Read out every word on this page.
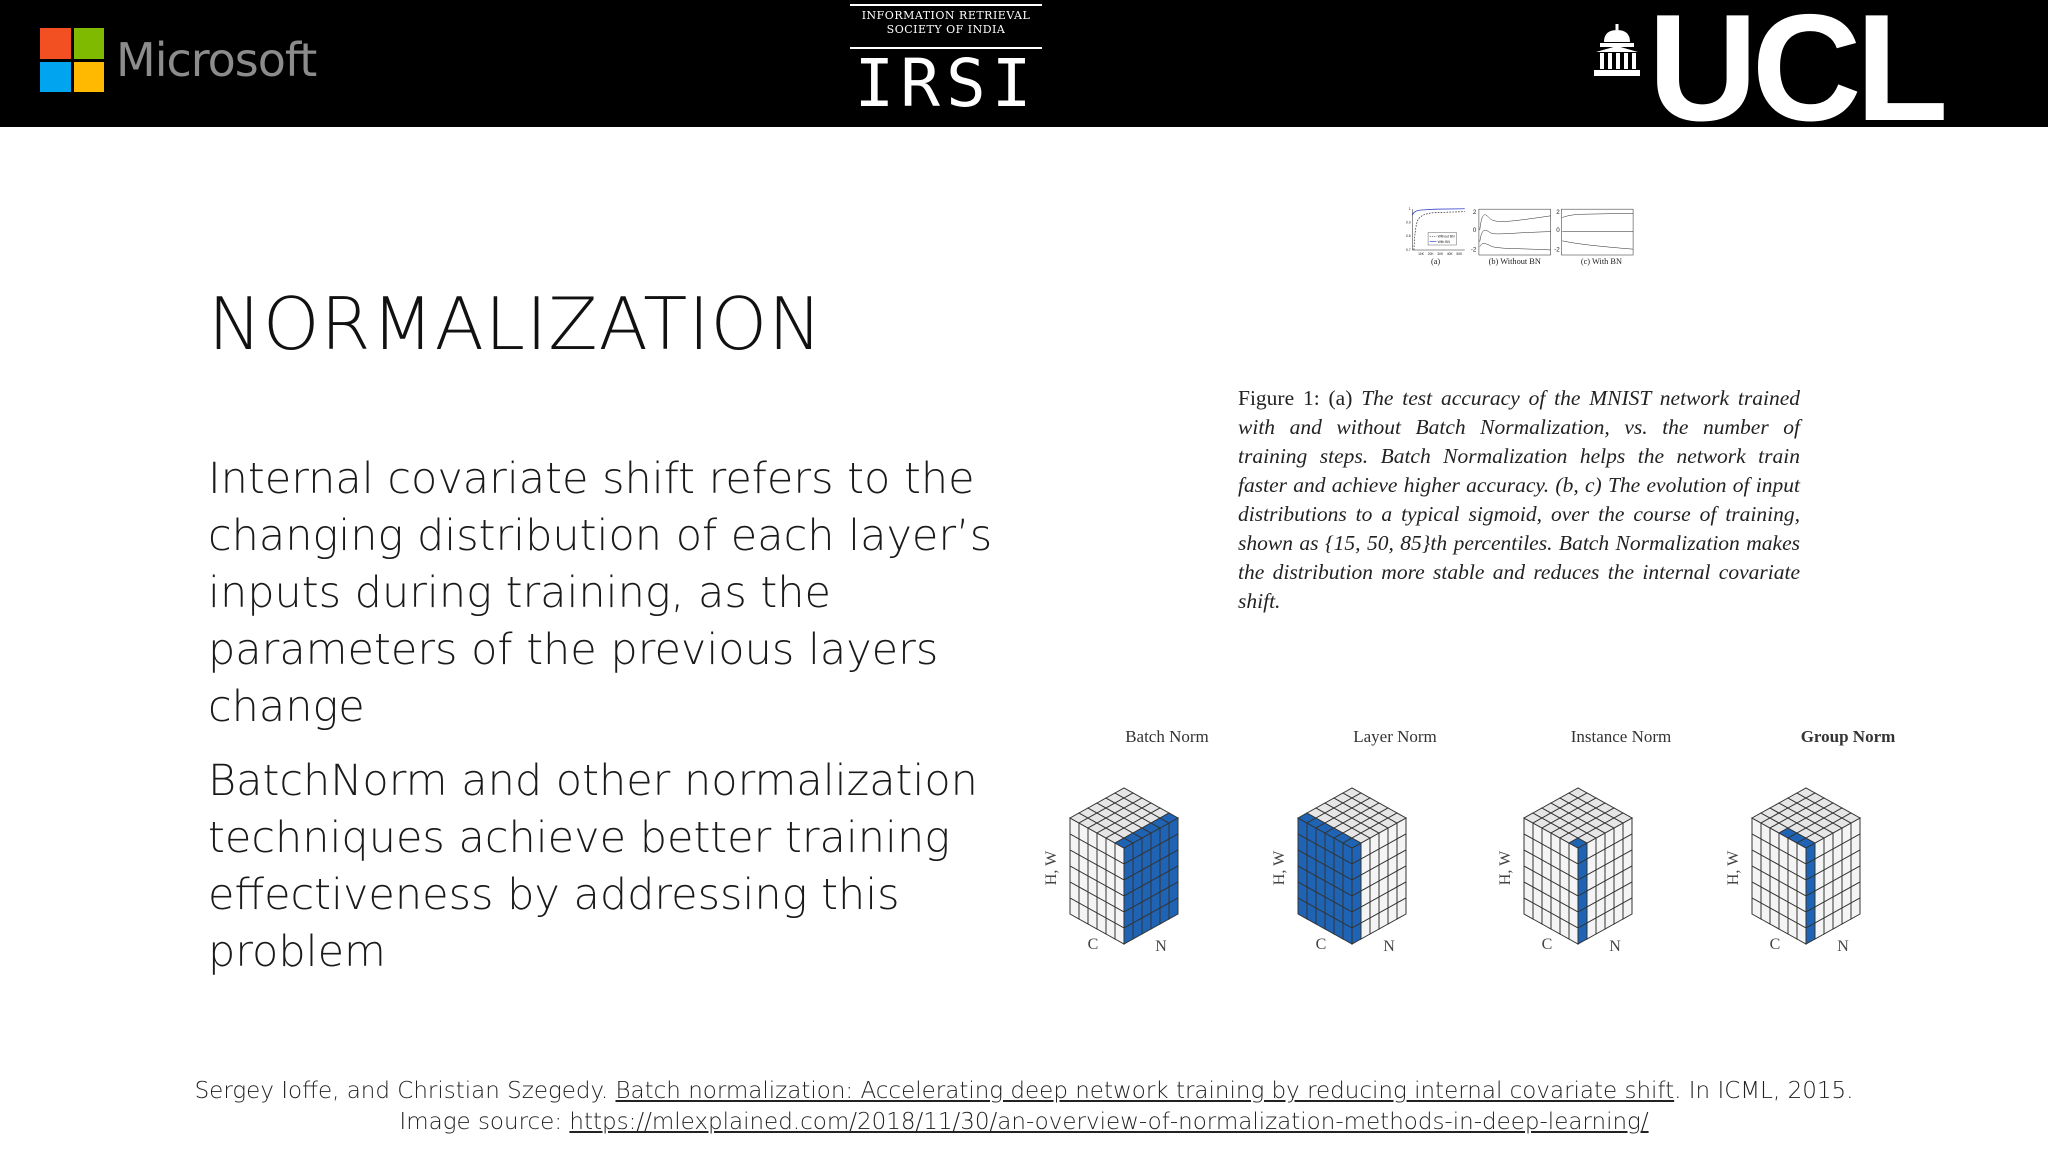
Microsoft
INFORMATION RETRIEVAL
SOCIETY OF INDIA
IRSI	UCL
NORMALIZATION
Internal covariate shift refers to the changing distribution of each layer’s inputs during training, as the parameters of the previous layers change
BatchNorm and other normalization techniques achieve better training effectiveness by addressing this problem
1
0.9
0.8
0.7
10K 20K 30K 40K 50K
Without BN
With BN
(a)
2
0
-2
(b) Without BN
2
0
-2
(c) With BN
Figure 1: (a) The test accuracy of the MNIST network trained with and without Batch Normalization, vs. the number of training steps. Batch Normalization helps the network train faster and achieve higher accuracy. (b, c) The evolution of input distributions to a typical sigmoid, over the course of training, shown as {15, 50, 85}th percentiles. Batch Normalization makes the distribution more stable and reduces the internal covariate shift.
Batch Norm
H, W
C	N
Layer Norm
H, W
C	N
Instance Norm
H, W
C	N
Group Norm
H, W
C	N
Sergey Ioffe, and Christian Szegedy. Batch normalization: Accelerating deep network training by reducing internal covariate shift. In ICML, 2015.
Image source: https://mlexplained.com/2018/11/30/an-overview-of-normalization-methods-in-deep-learning/
